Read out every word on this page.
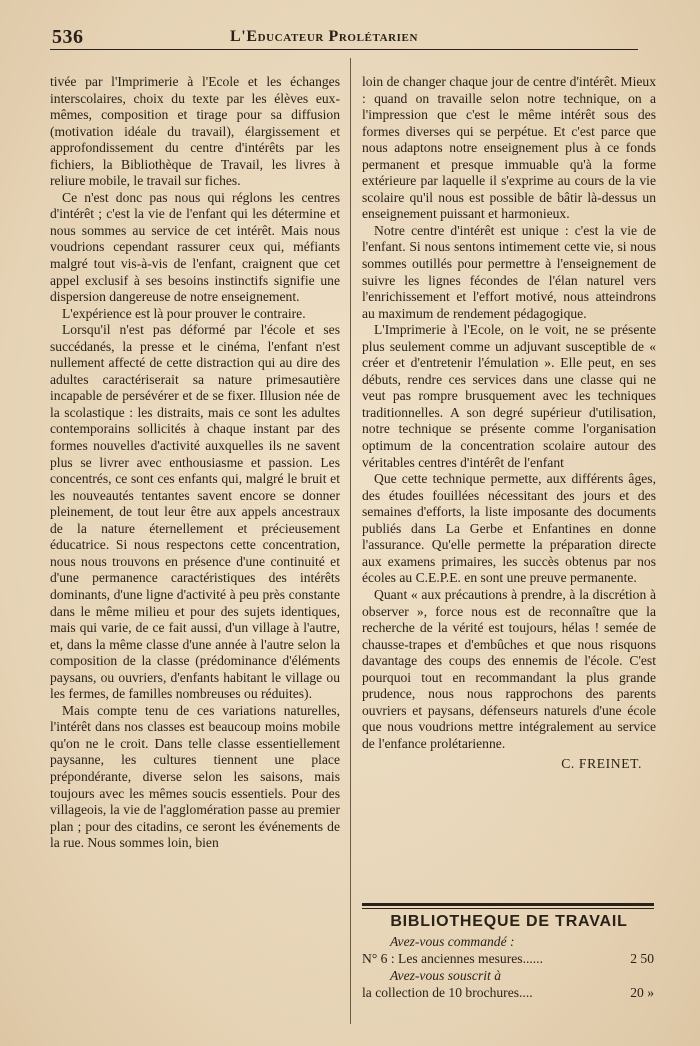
536	L'Educateur Prolétarien

tivée par l'Imprimerie à l'Ecole et les échanges interscolaires, choix du texte par les élèves eux-mêmes, composition et tirage pour sa diffusion (motivation idéale du travail), élargissement et approfondissement du centre d'intérêts par les fichiers, la Bibliothèque de Travail, les livres à reliure mobile, le travail sur fiches.

Ce n'est donc pas nous qui réglons les centres d'intérêt ; c'est la vie de l'enfant qui les détermine et nous sommes au service de cet intérêt. Mais nous voudrions cependant rassurer ceux qui, méfiants malgré tout vis-à-vis de l'enfant, craignent que cet appel exclusif à ses besoins instinctifs signifie une dispersion dangereuse de notre enseignement.

L'expérience est là pour prouver le contraire.

Lorsqu'il n'est pas déformé par l'école et ses succédanés, la presse et le cinéma, l'enfant n'est nullement affecté de cette distraction qui au dire des adultes caractériserait sa nature primesautière incapable de persévérer et de se fixer. Illusion née de la scolastique : les distraits, mais ce sont les adultes contemporains sollicités à chaque instant par des formes nouvelles d'activité auxquelles ils ne savent plus se livrer avec enthousiasme et passion. Les concentrés, ce sont ces enfants qui, malgré le bruit et les nouveautés tentantes savent encore se donner pleinement, de tout leur être aux appels ancestraux de la nature éternellement et précieusement éducatrice. Si nous respectons cette concentration, nous nous trouvons en présence d'une continuité et d'une permanence caractéristiques des intérêts dominants, d'une ligne d'activité à peu près constante dans le même milieu et pour des sujets identiques, mais qui varie, de ce fait aussi, d'un village à l'autre, et, dans la même classe d'une année à l'autre selon la composition de la classe (prédominance d'éléments paysans, ou ouvriers, d'enfants habitant le village ou les fermes, de familles nombreuses ou réduites).

Mais compte tenu de ces variations naturelles, l'intérêt dans nos classes est beaucoup moins mobile qu'on ne le croit. Dans telle classe essentiellement paysanne, les cultures tiennent une place prépondérante, diverse selon les saisons, mais toujours avec les mêmes soucis essentiels. Pour des villageois, la vie de l'agglomération passe au premier plan ; pour des citadins, ce seront les événements de la rue. Nous sommes loin, bien

loin de changer chaque jour de centre d'intérêt. Mieux : quand on travaille selon notre technique, on a l'impression que c'est le même intérêt sous des formes diverses qui se perpétue. Et c'est parce que nous adaptons notre enseignement plus à ce fonds permanent et presque immuable qu'à la forme extérieure par laquelle il s'exprime au cours de la vie scolaire qu'il nous est possible de bâtir là-dessus un enseignement puissant et harmonieux.

Notre centre d'intérêt est unique : c'est la vie de l'enfant. Si nous sentons intimement cette vie, si nous sommes outillés pour permettre à l'enseignement de suivre les lignes fécondes de l'élan naturel vers l'enrichissement et l'effort motivé, nous atteindrons au maximum de rendement pédagogique.

L'Imprimerie à l'Ecole, on le voit, ne se présente plus seulement comme un adjuvant susceptible de « créer et d'entretenir l'émulation ». Elle peut, en ses débuts, rendre ces services dans une classe qui ne veut pas rompre brusquement avec les techniques traditionnelles. A son degré supérieur d'utilisation, notre technique se présente comme l'organisation optimum de la concentration scolaire autour des véritables centres d'intérêt de l'enfant

Que cette technique permette, aux différents âges, des études fouillées nécessitant des jours et des semaines d'efforts, la liste imposante des documents publiés dans La Gerbe et Enfantines en donne l'assurance. Qu'elle permette la préparation directe aux examens primaires, les succès obtenus par nos écoles au C.E.P.E. en sont une preuve permanente.

Quant « aux précautions à prendre, à la discrétion à observer », force nous est de reconnaître que la recherche de la vérité est toujours, hélas ! semée de chausse-trapes et d'embûches et que nous risquons davantage des coups des ennemis de l'école. C'est pourquoi tout en recommandant la plus grande prudence, nous nous rapprochons des parents ouvriers et paysans, défenseurs naturels d'une école que nous voudrions mettre intégralement au service de l'enfance prolétarienne.

C. FREINET.
BIBLIOTHEQUE DE TRAVAIL
Avez-vous commandé :
N° 6 : Les anciennes mesures......	2 50
Avez-vous souscrit à
la collection de 10 brochures....	20 »
